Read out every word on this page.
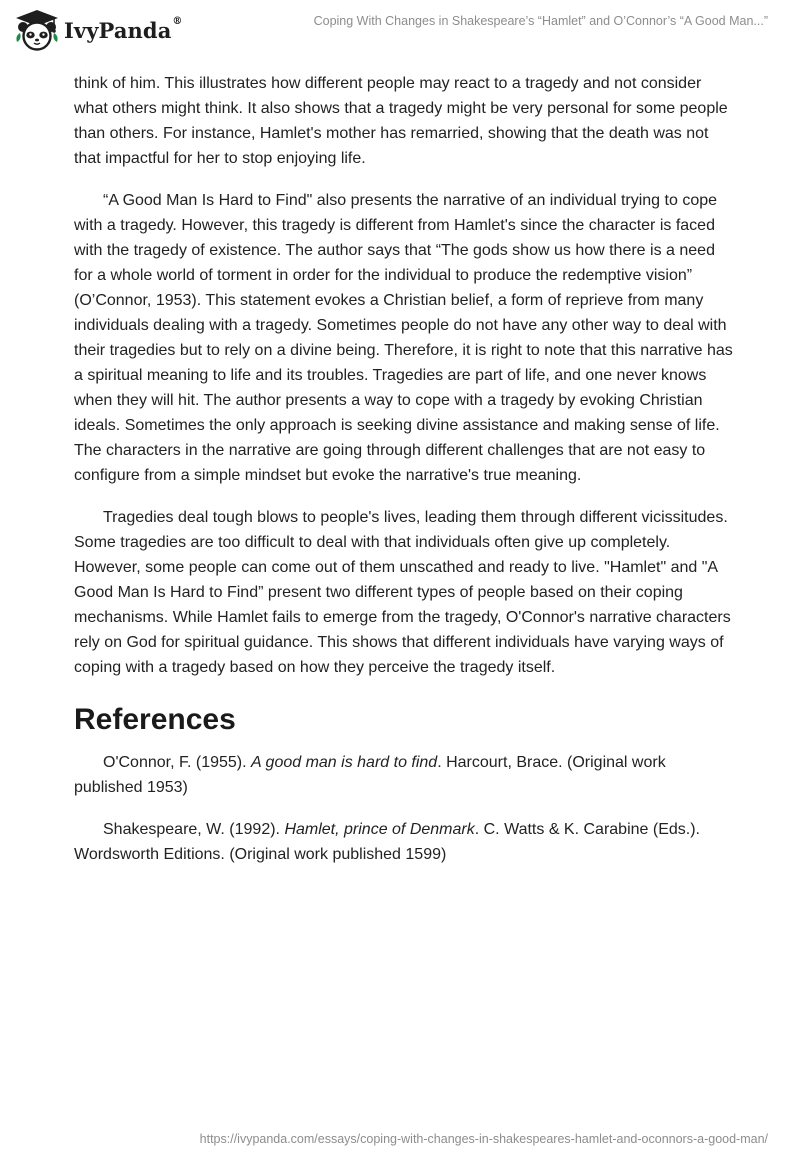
IvyPanda®	Coping With Changes in Shakespeare’s “Hamlet” and O’Connor’s “A Good Man...”

think of him. This illustrates how different people may react to a tragedy and not consider what others might think. It also shows that a tragedy might be very personal for some people than others. For instance, Hamlet's mother has remarried, showing that the death was not that impactful for her to stop enjoying life.

“A Good Man Is Hard to Find" also presents the narrative of an individual trying to cope with a tragedy. However, this tragedy is different from Hamlet's since the character is faced with the tragedy of existence. The author says that “The gods show us how there is a need for a whole world of torment in order for the individual to produce the redemptive vision” (O’Connor, 1953). This statement evokes a Christian belief, a form of reprieve from many individuals dealing with a tragedy. Sometimes people do not have any other way to deal with their tragedies but to rely on a divine being. Therefore, it is right to note that this narrative has a spiritual meaning to life and its troubles. Tragedies are part of life, and one never knows when they will hit. The author presents a way to cope with a tragedy by evoking Christian ideals. Sometimes the only approach is seeking divine assistance and making sense of life. The characters in the narrative are going through different challenges that are not easy to configure from a simple mindset but evoke the narrative's true meaning.

Tragedies deal tough blows to people's lives, leading them through different vicissitudes. Some tragedies are too difficult to deal with that individuals often give up completely. However, some people can come out of them unscathed and ready to live. "Hamlet" and "A Good Man Is Hard to Find” present two different types of people based on their coping mechanisms. While Hamlet fails to emerge from the tragedy, O'Connor's narrative characters rely on God for spiritual guidance. This shows that different individuals have varying ways of coping with a tragedy based on how they perceive the tragedy itself.

References

O'Connor, F. (1955). A good man is hard to find. Harcourt, Brace. (Original work published 1953)

Shakespeare, W. (1992). Hamlet, prince of Denmark. C. Watts & K. Carabine (Eds.). Wordsworth Editions. (Original work published 1599)

https://ivypanda.com/essays/coping-with-changes-in-shakespeares-hamlet-and-oconnors-a-good-man/
